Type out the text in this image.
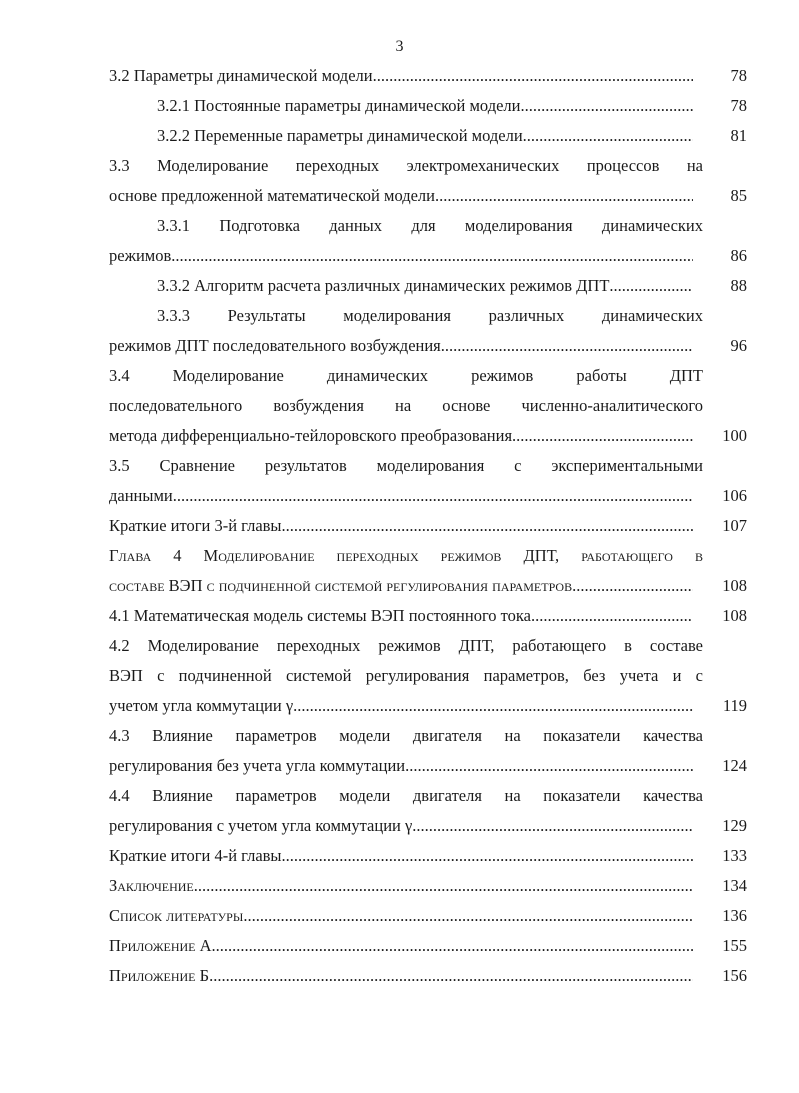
3
3.2 Параметры динамической модели .....	78
3.2.1 Постоянные параметры динамической модели .....	78
3.2.2 Переменные параметры динамической модели .....	81
3.3 Моделирование переходных электромеханических процессов на
основе предложенной математической модели .....	85
3.3.1 Подготовка данных для моделирования динамических
режимов .....	86
3.3.2 Алгоритм расчета различных динамических режимов ДПТ .....	88
3.3.3 Результаты моделирования различных динамических
режимов ДПТ последовательного возбуждения .....	96
3.4 Моделирование динамических режимов работы ДПТ
последовательного возбуждения на основе численно-аналитического
метода дифференциально-тейлоровского преобразования .....	100
3.5 Сравнение результатов моделирования с экспериментальными
данными .....	106
Краткие итоги 3-й главы .....	107
Глава 4 Моделирование переходных режимов ДПТ, работающего в
составе ВЭП с подчиненной системой регулирования параметров .....	108
4.1 Математическая модель системы ВЭП постоянного тока .....	108
4.2 Моделирование переходных режимов ДПТ, работающего в составе
ВЭП с подчиненной системой регулирования параметров, без учета и с
учетом угла коммутации γ .....	119
4.3 Влияние параметров модели двигателя на показатели качества
регулирования без учета угла коммутации .....	124
4.4 Влияние параметров модели двигателя на показатели качества
регулирования с учетом угла коммутации γ .....	129
Краткие итоги 4-й главы .....	133
Заключение .....	134
Список литературы .....	136
Приложение А .....	155
Приложение Б .....	156
